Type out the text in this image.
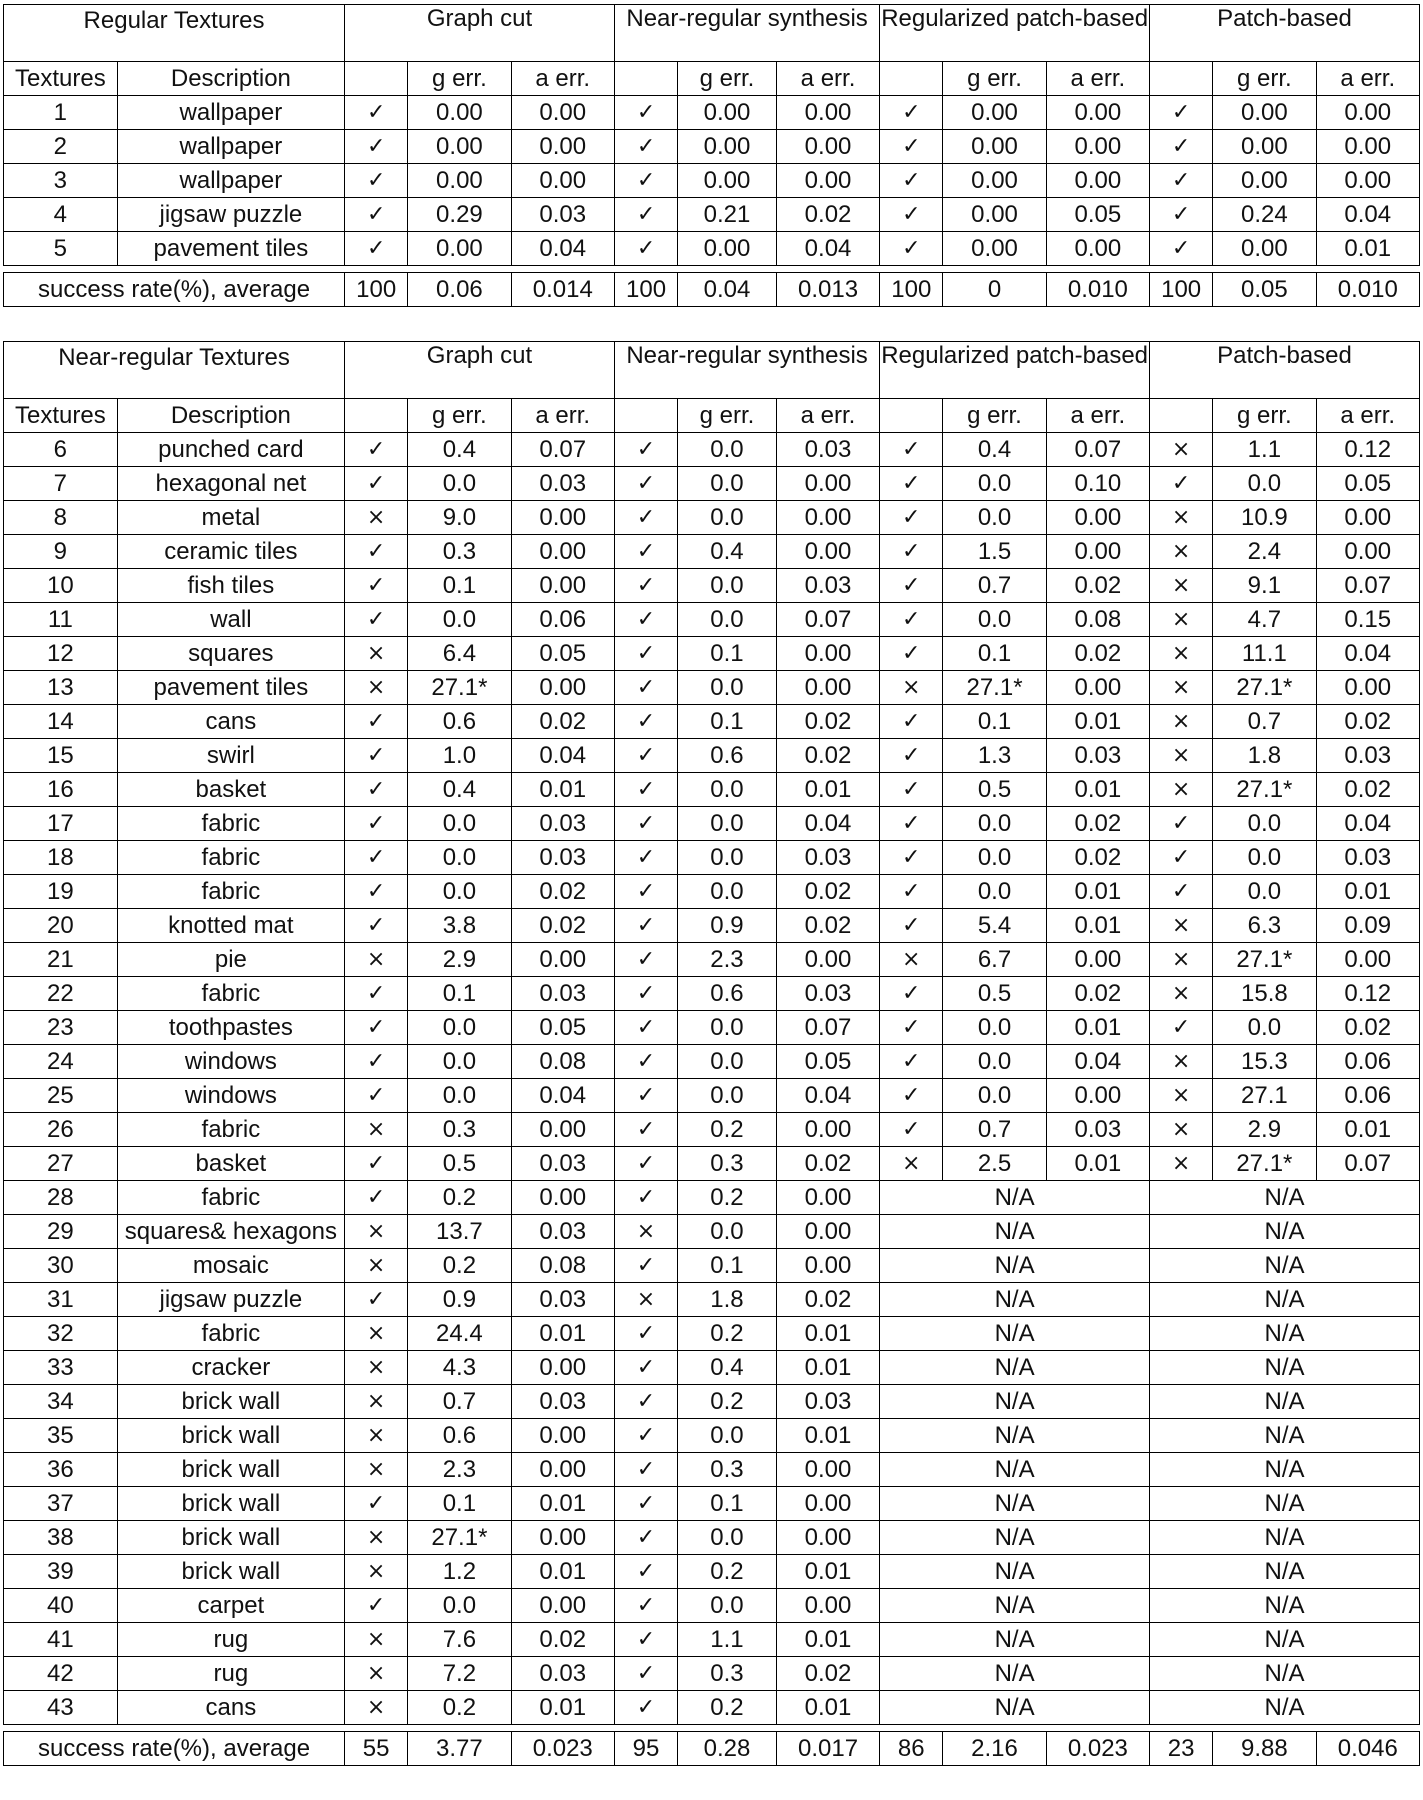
Regular Textures		Graph cut			Near-regular synthesis			Regularized patch-based			Patch-based		

Textures	Description		g err.	a err.		g err.	a err.		g err.	a err.		g err.	a err.
1	wallpaper	✓	0.00	0.00	✓	0.00	0.00	✓	0.00	0.00	✓	0.00	0.00
2	wallpaper	✓	0.00	0.00	✓	0.00	0.00	✓	0.00	0.00	✓	0.00	0.00
3	wallpaper	✓	0.00	0.00	✓	0.00	0.00	✓	0.00	0.00	✓	0.00	0.00
4	jigsaw puzzle	✓	0.29	0.03	✓	0.21	0.02	✓	0.00	0.05	✓	0.24	0.04
5	pavement tiles	✓	0.00	0.04	✓	0.00	0.04	✓	0.00	0.00	✓	0.00	0.01

success rate(%), average		100	0.06	0.014	100	0.04	0.013	100	0	0.010	100	0.05	0.010
Near-regular Textures		Graph cut			Near-regular synthesis			Regularized patch-based			Patch-based		

Textures	Description		g err.	a err.		g err.	a err.		g err.	a err.		g err.	a err.
6	punched card	✓	0.4	0.07	✓	0.0	0.03	✓	0.4	0.07	×	1.1	0.12
7	hexagonal net	✓	0.0	0.03	✓	0.0	0.00	✓	0.0	0.10	✓	0.0	0.05
8	metal	×	9.0	0.00	✓	0.0	0.00	✓	0.0	0.00	×	10.9	0.00
9	ceramic tiles	✓	0.3	0.00	✓	0.4	0.00	✓	1.5	0.00	×	2.4	0.00
10	fish tiles	✓	0.1	0.00	✓	0.0	0.03	✓	0.7	0.02	×	9.1	0.07
11	wall	✓	0.0	0.06	✓	0.0	0.07	✓	0.0	0.08	×	4.7	0.15
12	squares	×	6.4	0.05	✓	0.1	0.00	✓	0.1	0.02	×	11.1	0.04
13	pavement tiles	×	27.1*	0.00	✓	0.0	0.00	×	27.1*	0.00	×	27.1*	0.00
14	cans	✓	0.6	0.02	✓	0.1	0.02	✓	0.1	0.01	×	0.7	0.02
15	swirl	✓	1.0	0.04	✓	0.6	0.02	✓	1.3	0.03	×	1.8	0.03
16	basket	✓	0.4	0.01	✓	0.0	0.01	✓	0.5	0.01	×	27.1*	0.02
17	fabric	✓	0.0	0.03	✓	0.0	0.04	✓	0.0	0.02	✓	0.0	0.04
18	fabric	✓	0.0	0.03	✓	0.0	0.03	✓	0.0	0.02	✓	0.0	0.03
19	fabric	✓	0.0	0.02	✓	0.0	0.02	✓	0.0	0.01	✓	0.0	0.01
20	knotted mat	✓	3.8	0.02	✓	0.9	0.02	✓	5.4	0.01	×	6.3	0.09
21	pie	×	2.9	0.00	✓	2.3	0.00	×	6.7	0.00	×	27.1*	0.00
22	fabric	✓	0.1	0.03	✓	0.6	0.03	✓	0.5	0.02	×	15.8	0.12
23	toothpastes	✓	0.0	0.05	✓	0.0	0.07	✓	0.0	0.01	✓	0.0	0.02
24	windows	✓	0.0	0.08	✓	0.0	0.05	✓	0.0	0.04	×	15.3	0.06
25	windows	✓	0.0	0.04	✓	0.0	0.04	✓	0.0	0.00	×	27.1	0.06
26	fabric	×	0.3	0.00	✓	0.2	0.00	✓	0.7	0.03	×	2.9	0.01
27	basket	✓	0.5	0.03	✓	0.3	0.02	×	2.5	0.01	×	27.1*	0.07
28	fabric	✓	0.2	0.00	✓	0.2	0.00	N/A			N/A		
29	squares& hexagons	×	13.7	0.03	×	0.0	0.00	N/A			N/A		
30	mosaic	×	0.2	0.08	✓	0.1	0.00	N/A			N/A		
31	jigsaw puzzle	✓	0.9	0.03	×	1.8	0.02	N/A			N/A		
32	fabric	×	24.4	0.01	✓	0.2	0.01	N/A			N/A		
33	cracker	×	4.3	0.00	✓	0.4	0.01	N/A			N/A		
34	brick wall	×	0.7	0.03	✓	0.2	0.03	N/A			N/A		
35	brick wall	×	0.6	0.00	✓	0.0	0.01	N/A			N/A		
36	brick wall	×	2.3	0.00	✓	0.3	0.00	N/A			N/A		
37	brick wall	✓	0.1	0.01	✓	0.1	0.00	N/A			N/A		
38	brick wall	×	27.1*	0.00	✓	0.0	0.00	N/A			N/A		
39	brick wall	×	1.2	0.01	✓	0.2	0.01	N/A			N/A		
40	carpet	✓	0.0	0.00	✓	0.0	0.00	N/A			N/A		
41	rug	×	7.6	0.02	✓	1.1	0.01	N/A			N/A		
42	rug	×	7.2	0.03	✓	0.3	0.02	N/A			N/A		
43	cans	×	0.2	0.01	✓	0.2	0.01	N/A			N/A		

success rate(%), average		55	3.77	0.023	95	0.28	0.017	86	2.16	0.023	23	9.88	0.046
